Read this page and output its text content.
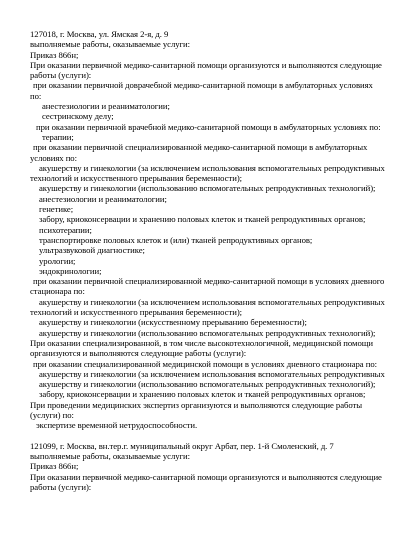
127018, г. Москва, ул. Ямская 2-я, д. 9
выполняемые работы, оказываемые услуги:
Приказ 866н;
При оказании первичной медико-санитарной помощи организуются и выполняются следующие
работы (услуги):
при оказании первичной доврачебной медико-санитарной помощи в амбулаторных условиях
по:
анестезиологии и реаниматологии;
сестринскому делу;
при оказании первичной врачебной медико-санитарной помощи в амбулаторных условиях по:
терапии;
при оказании первичной специализированной медико-санитарной помощи в амбулаторных
условиях по:
акушерству и гинекологии (за исключением использования вспомогательных репродуктивных
технологий и искусственного прерывания беременности);
акушерству и гинекологии (использованию вспомогательных репродуктивных технологий);
анестезиологии и реаниматологии;
генетике;
забору, криоконсервации и хранению половых клеток и тканей репродуктивных органов;
психотерапии;
транспортировке половых клеток и (или) тканей репродуктивных органов;
ультразвуковой диагностике;
урологии;
эндокринологии;
при оказании первичной специализированной медико-санитарной помощи в условиях дневного
стационара по:
акушерству и гинекологии (за исключением использования вспомогательных репродуктивных
технологий и искусственного прерывания беременности);
акушерству и гинекологии (искусственному прерыванию беременности);
акушерству и гинекологии (использованию вспомогательных репродуктивных технологий);
При оказании специализированной, в том числе высокотехнологичной, медицинской помощи
организуются и выполняются следующие работы (услуги):
при оказании специализированной медицинской помощи в условиях дневного стационара по:
акушерству и гинекологии (за исключением использования вспомогательных репродуктивных
акушерству и гинекологии (использованию вспомогательных репродуктивных технологий);
забору, криоконсервации и хранению половых клеток и тканей репродуктивных органов;
При проведении медицинских экспертиз организуются и выполняются следующие работы
(услуги) по:
экспертизе временной нетрудоспособности.
121099, г. Москва, вн.тер.г. муниципальный округ Арбат, пер. 1-й Смоленский, д. 7
выполняемые работы, оказываемые услуги:
Приказ 866н;
При оказании первичной медико-санитарной помощи организуются и выполняются следующие
работы (услуги):
